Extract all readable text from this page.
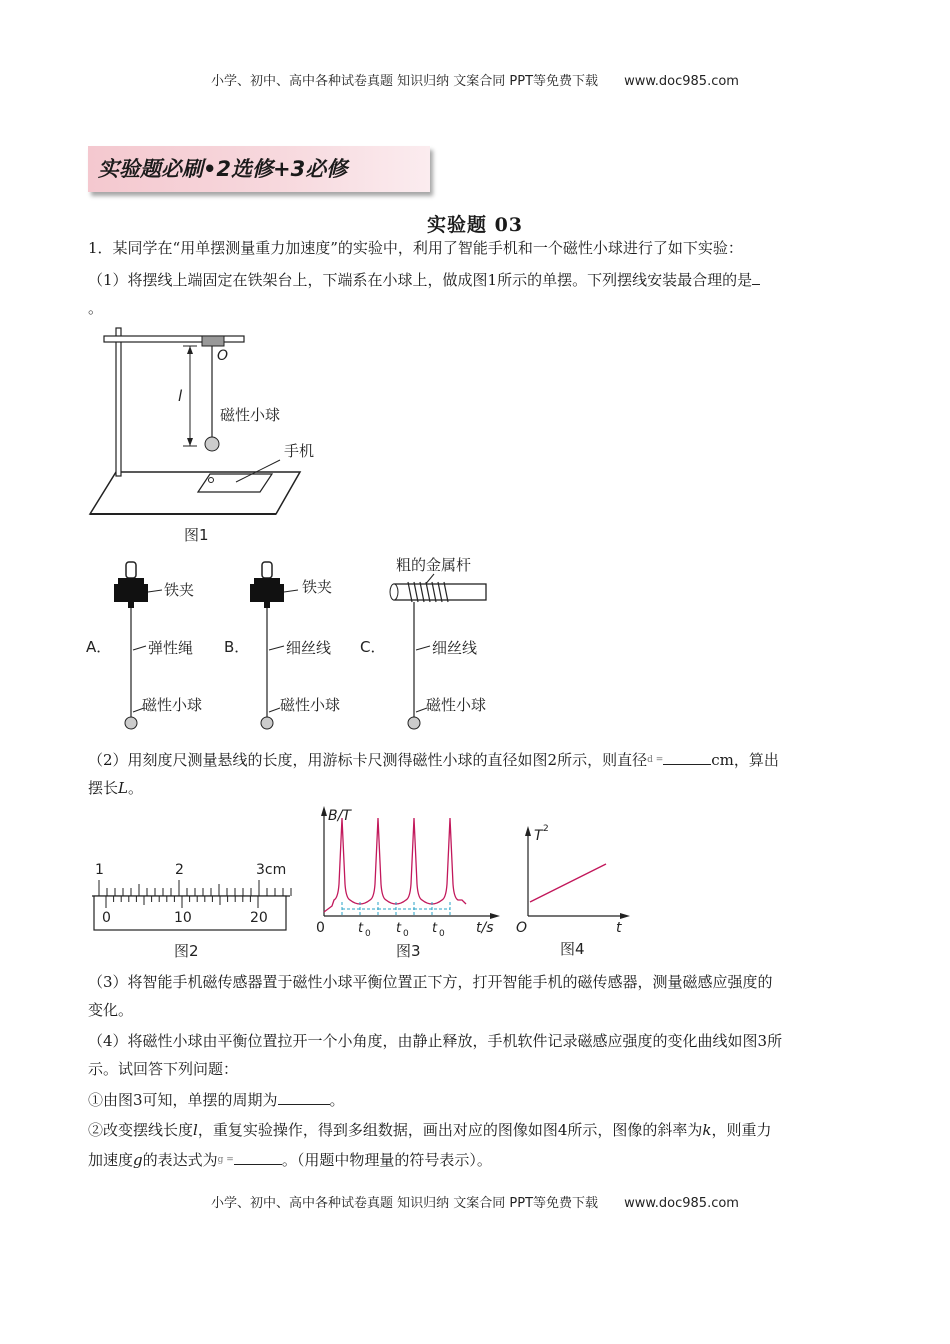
小学、初中、高中各种试卷真题 知识归纳 文案合同 PPT等免费下载 www.doc985.com
实验题必刷•2选修+3必修
实验题 03
1．某同学在“用单摆测量重力加速度”的实验中，利用了智能手机和一个磁性小球进行了如下实验：
（1）将摆线上端固定在铁架台上，下端系在小球上，做成图1所示的单摆。下列摆线安装最合理的是
。
l
O
磁性小球
手机
图1
A．
铁夹
弹性绳
磁性小球
B．
铁夹
细丝线
磁性小球
C．
粗的金属杆
细丝线
磁性小球
（2）用刻度尺测量悬线的长度，用游标卡尺测得磁性小球的直径如图2所示，则直径$^{d =}$	cm，算出
摆长L。
1	2	3cm
0	10	20
图2
B/T
t/s
0	t 0 t 0 t 0
图3
T 2
t
O
图4
（3）将智能手机磁传感器置于磁性小球平衡位置正下方，打开智能手机的磁传感器，测量磁感应强度的
变化。
（4）将磁性小球由平衡位置拉开一个小角度，由静止释放，手机软件记录磁感应强度的变化曲线如图3所
示。试回答下列问题：
①由图3可知，单摆的周期为	。
②改变摆线长度l，重复实验操作，得到多组数据，画出对应的图像如图4所示，图像的斜率为k，则重力
加速度g的表达式为$^{g =}$	。（用题中物理量的符号表示）。
小学、初中、高中各种试卷真题 知识归纳 文案合同 PPT等免费下载 www.doc985.com
